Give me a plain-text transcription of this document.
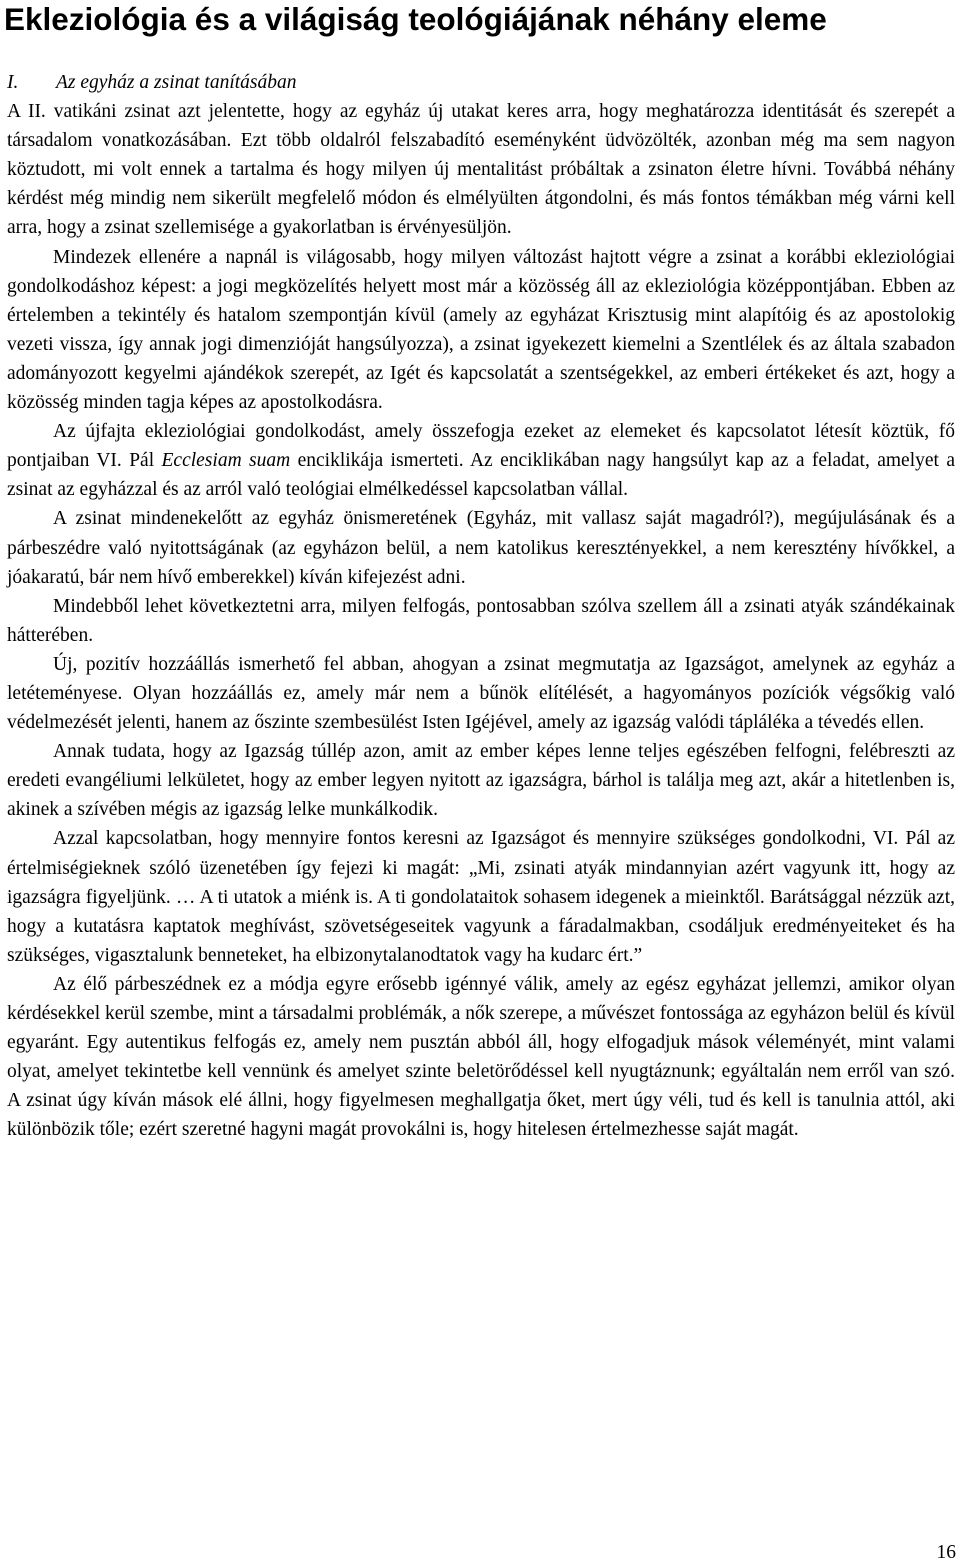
Ekleziológia és a világiság teológiájának néhány eleme

I. Az egyház a zsinat tanításában

A II. vatikáni zsinat azt jelentette, hogy az egyház új utakat keres arra, hogy meghatározza identitását és szerepét a társadalom vonatkozásában. Ezt több oldalról felszabadító eseményként üdvözölték, azonban még ma sem nagyon köztudott, mi volt ennek a tartalma és hogy milyen új mentalitást próbáltak a zsinaton életre hívni. Továbbá néhány kérdést még mindig nem sikerült megfelelő módon és elmélyülten átgondolni, és más fontos témákban még várni kell arra, hogy a zsinat szellemisége a gyakorlatban is érvényesüljön.

Mindezek ellenére a napnál is világosabb, hogy milyen változást hajtott végre a zsinat a korábbi ekleziológiai gondolkodáshoz képest: a jogi megközelítés helyett most már a közösség áll az ekleziológia középpontjában. Ebben az értelemben a tekintély és hatalom szempontján kívül (amely az egyházat Krisztusig mint alapítóig és az apostolokig vezeti vissza, így annak jogi dimenzióját hangsúlyozza), a zsinat igyekezett kiemelni a Szentlélek és az általa szabadon adományozott kegyelmi ajándékok szerepét, az Igét és kapcsolatát a szentségekkel, az emberi értékeket és azt, hogy a közösség minden tagja képes az apostolkodásra.

Az újfajta ekleziológiai gondolkodást, amely összefogja ezeket az elemeket és kapcsolatot létesít köztük, fő pontjaiban VI. Pál Ecclesiam suam enciklikája ismerteti. Az enciklikában nagy hangsúlyt kap az a feladat, amelyet a zsinat az egyházzal és az arról való teológiai elmélkedéssel kapcsolatban vállal.

A zsinat mindenekelőtt az egyház önismeretének (Egyház, mit vallasz saját magadról?), megújulásának és a párbeszédre való nyitottságának (az egyházon belül, a nem katolikus keresztényekkel, a nem keresztény hívőkkel, a jóakaratú, bár nem hívő emberekkel) kíván kifejezést adni.

Mindebből lehet következtetni arra, milyen felfogás, pontosabban szólva szellem áll a zsinati atyák szándékainak hátterében.

Új, pozitív hozzáállás ismerhető fel abban, ahogyan a zsinat megmutatja az Igazságot, amelynek az egyház a letéteményese. Olyan hozzáállás ez, amely már nem a bűnök elítélését, a hagyományos pozíciók végsőkig való védelmezését jelenti, hanem az őszinte szembesülést Isten Igéjével, amely az igazság valódi tápláléka a tévedés ellen.

Annak tudata, hogy az Igazság túllép azon, amit az ember képes lenne teljes egészében felfogni, felébreszti az eredeti evangéliumi lelkületet, hogy az ember legyen nyitott az igazságra, bárhol is találja meg azt, akár a hitetlenben is, akinek a szívében mégis az igazság lelke munkálkodik.

Azzal kapcsolatban, hogy mennyire fontos keresni az Igazságot és mennyire szükséges gondolkodni, VI. Pál az értelmiségieknek szóló üzenetében így fejezi ki magát: „Mi, zsinati atyák mindannyian azért vagyunk itt, hogy az igazságra figyeljünk. … A ti utatok a miénk is. A ti gondolataitok sohasem idegenek a mieinktől. Barátsággal nézzük azt, hogy a kutatásra kaptatok meghívást, szövetségeseitek vagyunk a fáradalmakban, csodáljuk eredményeiteket és ha szükséges, vigasztalunk benneteket, ha elbizonytalanodtatok vagy ha kudarc ért.”

Az élő párbeszédnek ez a módja egyre erősebb igénnyé válik, amely az egész egyházat jellemzi, amikor olyan kérdésekkel kerül szembe, mint a társadalmi problémák, a nők szerepe, a művészet fontossága az egyházon belül és kívül egyaránt. Egy autentikus felfogás ez, amely nem pusztán abból áll, hogy elfogadjuk mások véleményét, mint valami olyat, amelyet tekintetbe kell vennünk és amelyet szinte beletörődéssel kell nyugtáznunk; egyáltalán nem erről van szó. A zsinat úgy kíván mások elé állni, hogy figyelmesen meghallgatja őket, mert úgy véli, tud és kell is tanulnia attól, aki különbözik tőle; ezért szeretné hagyni magát provokálni is, hogy hitelesen értelmezhesse saját magát.

16
